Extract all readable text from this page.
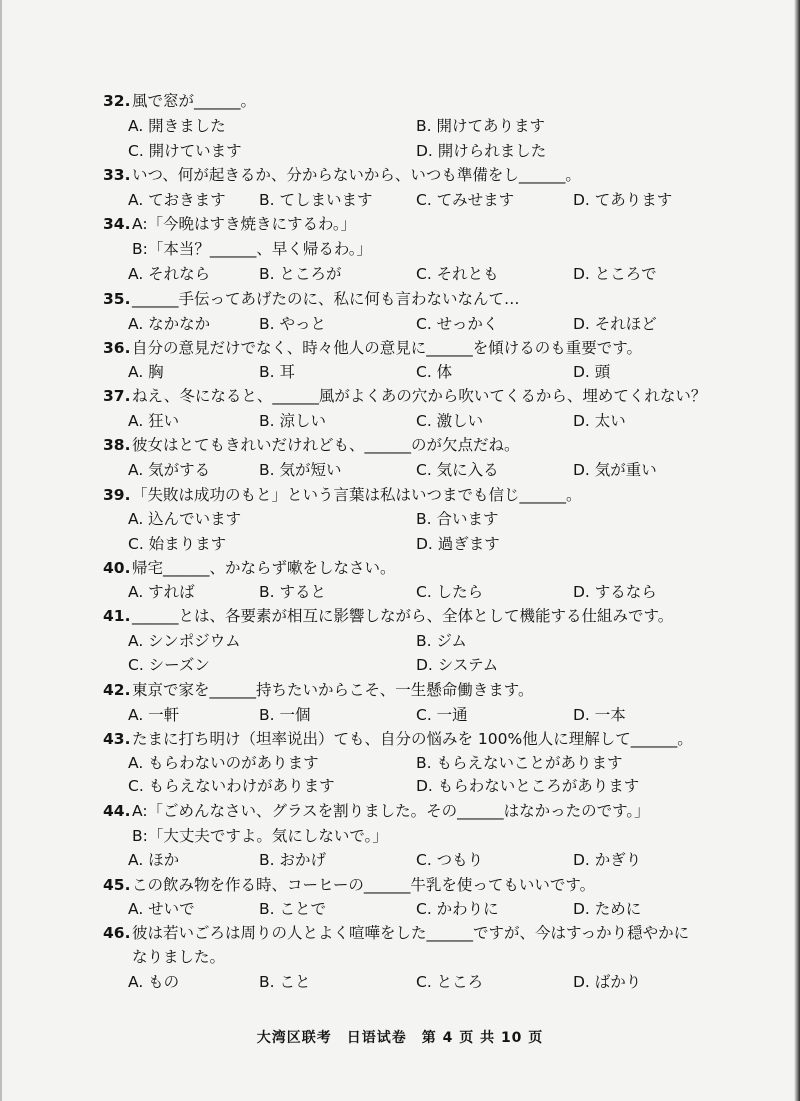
32. 風で窓が______。
A. 開きました	B. 開けてあります
C. 開けています	D. 開けられました
33. いつ、何が起きるか、分からないから、いつも準備をし______。
A. ておきます B. てしまいます	C. てみせます	D. てあります
34. A:「今晩はすき焼きにするわ。」
B:「本当？______、早く帰るわ。」
A. それなら	B. ところが	C. それとも	D. ところで
35. ______手伝ってあげたのに、私に何も言わないなんて…
A. なかなか	B. やっと	C. せっかく	D. それほど
36. 自分の意見だけでなく、時々他人の意見に______を傾けるのも重要です。
A. 胸	B. 耳	C. 体	D. 頭
37. ねえ、冬になると、______風がよくあの穴から吹いてくるから、埋めてくれない？
A. 狂い	B. 涼しい	C. 激しい	D. 太い
38. 彼女はとてもきれいだけれども、______のが欠点だね。
A. 気がする	B. 気が短い	C. 気に入る	D. 気が重い
39. 「失敗は成功のもと」という言葉は私はいつまでも信じ______。
A. 込んでいます	B. 合います
C. 始まります	D. 過ぎます
40. 帰宅______、かならず嗽をしなさい。
A. すれば	B. すると	C. したら	D. するなら
41. ______とは、各要素が相互に影響しながら、全体として機能する仕組みです。
A. シンポジウム	B. ジム
C. シーズン	D. システム
42. 東京で家を______持ちたいからこそ、一生懸命働きます。
A. 一軒	B. 一個	C. 一通	D. 一本
43. たまに打ち明け（坦率说出）ても、自分の悩みを 100%他人に理解して______。
A. もらわないのがあります	B. もらえないことがあります
C. もらえないわけがあります	D. もらわないところがあります
44. A:「ごめんなさい、グラスを割りました。その______はなかったのです。」
B:「大丈夫ですよ。気にしないで。」
A. ほか	B. おかげ	C. つもり	D. かぎり
45. この飲み物を作る時、コーヒーの______牛乳を使ってもいいです。
A. せいで	B. ことで	C. かわりに	D. ために
46. 彼は若いごろは周りの人とよく喧嘩をした______ですが、今はすっかり穏やかに
なりました。
A. もの	B. こと	C. ところ	D. ばかり
大湾区联考　日语试卷　第 4 页 共 10 页
